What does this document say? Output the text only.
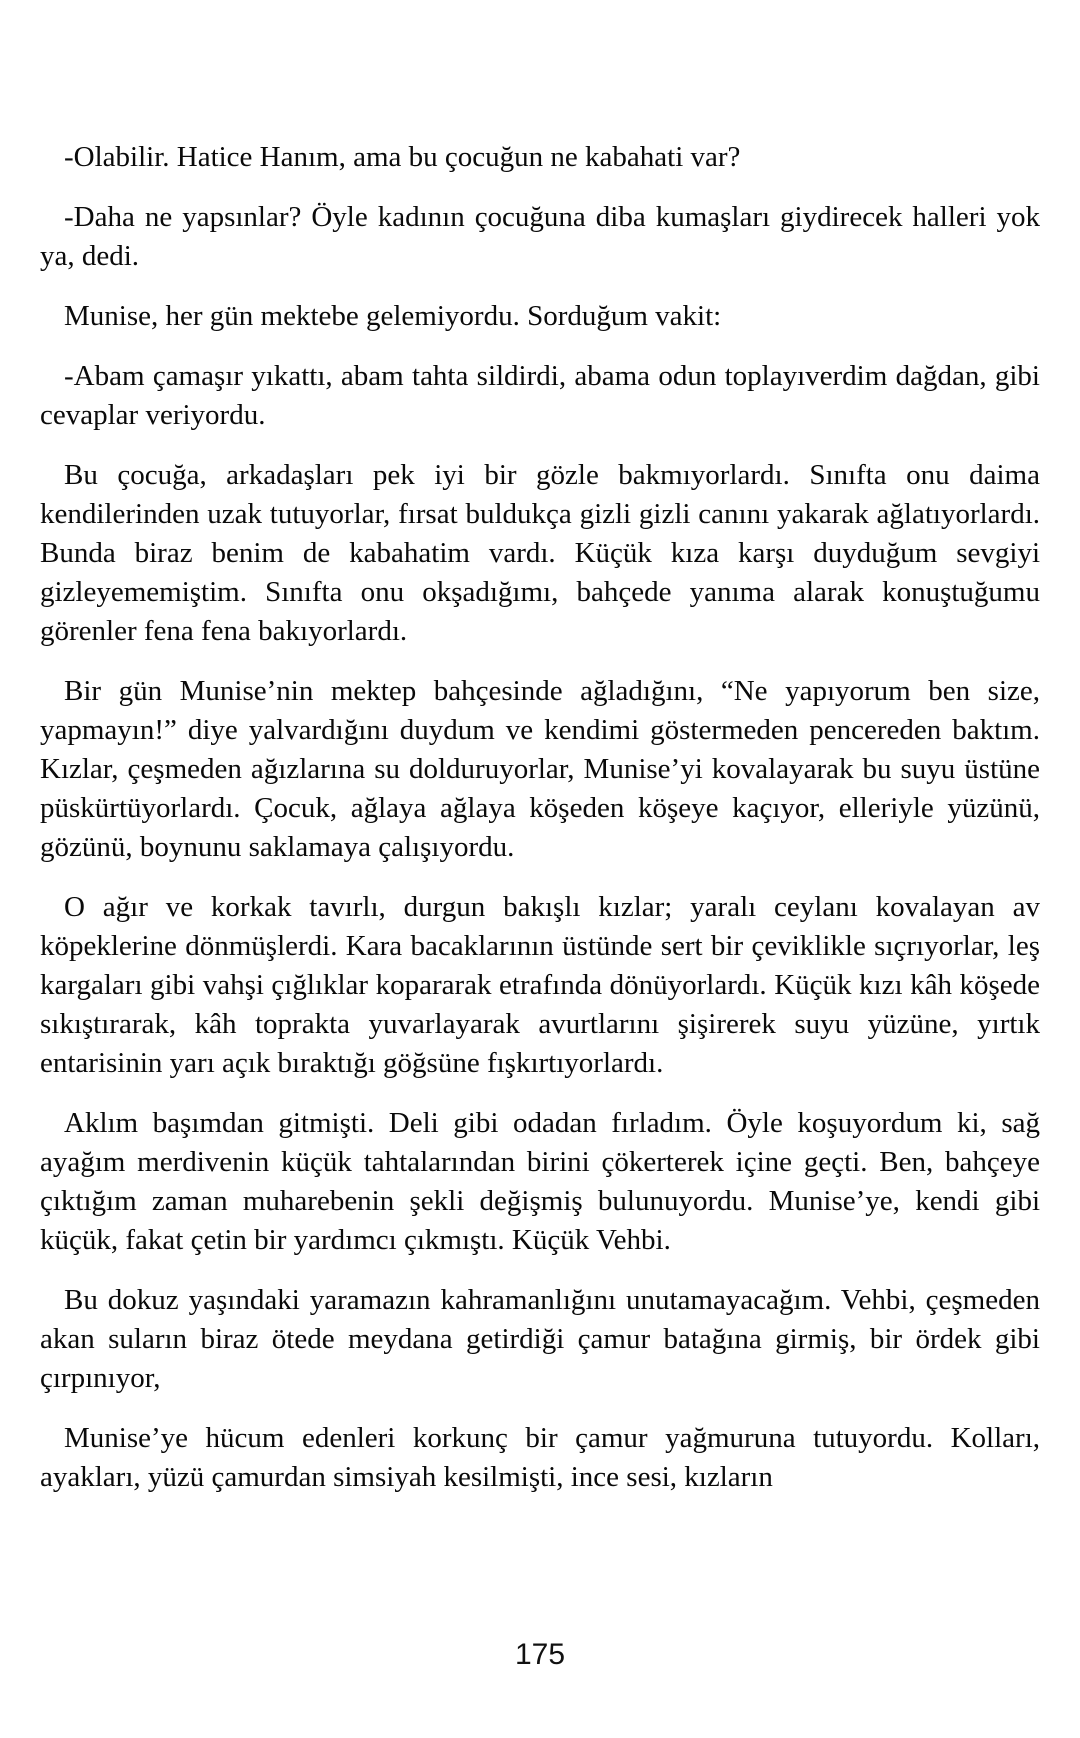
-Olabilir. Hatice Hanım, ama bu çocuğun ne kabahati var?

-Daha ne yapsınlar? Öyle kadının çocuğuna diba kumaşları giydirecek halleri yok ya, dedi.

Munise, her gün mektebe gelemiyordu. Sorduğum vakit:

-Abam çamaşır yıkattı, abam tahta sildirdi, abama odun toplayıverdim dağdan, gibi cevaplar veriyordu.

Bu çocuğa, arkadaşları pek iyi bir gözle bakmıyorlardı. Sınıfta onu daima kendilerinden uzak tutuyorlar, fırsat buldukça gizli gizli canını yakarak ağlatıyorlardı. Bunda biraz benim de kabahatim vardı. Küçük kıza karşı duyduğum sevgiyi gizleyememiştim. Sınıfta onu okşadığımı, bahçede yanıma alarak konuştuğumu görenler fena fena bakıyorlardı.

Bir gün Munise’nin mektep bahçesinde ağladığını, “Ne yapıyorum ben size, yapmayın!” diye yalvardığını duydum ve kendimi göstermeden pencereden baktım. Kızlar, çeşmeden ağızlarına su dolduruyorlar, Munise’yi kovalayarak bu suyu üstüne püskürtüyorlardı. Çocuk, ağlaya ağlaya köşeden köşeye kaçıyor, elleriyle yüzünü, gözünü, boynunu saklamaya çalışıyordu.

O ağır ve korkak tavırlı, durgun bakışlı kızlar; yaralı ceylanı kovalayan av köpeklerine dönmüşlerdi. Kara bacaklarının üstünde sert bir çeviklikle sıçrıyorlar, leş kargaları gibi vahşi çığlıklar kopararak etrafında dönüyorlardı. Küçük kızı kâh köşede sıkıştırarak, kâh toprakta yuvarlayarak avurtlarını şişirerek suyu yüzüne, yırtık entarisinin yarı açık bıraktığı göğsüne fışkırtıyorlardı.

Aklım başımdan gitmişti. Deli gibi odadan fırladım. Öyle koşuyordum ki, sağ ayağım merdivenin küçük tahtalarından birini çökerterek içine geçti. Ben, bahçeye çıktığım zaman muharebenin şekli değişmiş bulunuyordu. Munise’ye, kendi gibi küçük, fakat çetin bir yardımcı çıkmıştı. Küçük Vehbi.

Bu dokuz yaşındaki yaramazın kahramanlığını unutamayacağım. Vehbi, çeşmeden akan suların biraz ötede meydana getirdiği çamur batağına girmiş, bir ördek gibi çırpınıyor,

Munise’ye hücum edenleri korkunç bir çamur yağmuruna tutuyordu. Kolları, ayakları, yüzü çamurdan simsiyah kesilmişti, ince sesi, kızların

175
